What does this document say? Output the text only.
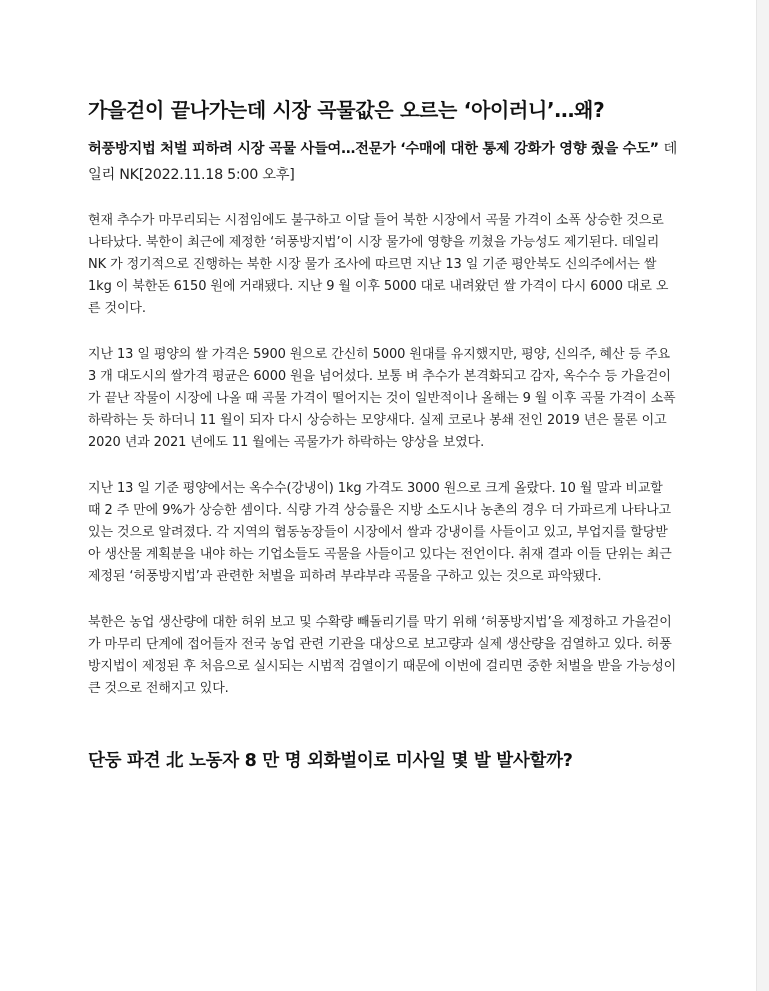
가을걷이 끝나가는데 시장 곡물값은 오르는 ‘아이러니’…왜?

허풍방지법 처벌 피하려 시장 곡물 사들여…전문가 ‘수매에 대한 통제 강화가 영향 줬을 수도” 데일리 NK[2022.11.18 5:00 오후]

현재 추수가 마무리되는 시점임에도 불구하고 이달 들어 북한 시장에서 곡물 가격이 소폭 상승한 것으로 나타났다. 북한이 최근에 제정한 ‘허풍방지법’이 시장 물가에 영향을 끼쳤을 가능성도 제기된다. 데일리 NK 가 정기적으로 진행하는 북한 시장 물가 조사에 따르면 지난 13 일 기준 평안북도 신의주에서는 쌀 1kg 이 북한돈 6150 원에 거래됐다. 지난 9 월 이후 5000 대로 내려왔던 쌀 가격이 다시 6000 대로 오른 것이다.

지난 13 일 평양의 쌀 가격은 5900 원으로 간신히 5000 원대를 유지했지만, 평양, 신의주, 혜산 등 주요 3 개 대도시의 쌀가격 평균은 6000 원을 넘어섰다. 보통 벼 추수가 본격화되고 감자, 옥수수 등 가을걷이가 끝난 작물이 시장에 나올 때 곡물 가격이 떨어지는 것이 일반적이나 올해는 9 월 이후 곡물 가격이 소폭 하락하는 듯 하더니 11 월이 되자 다시 상승하는 모양새다. 실제 코로나 봉쇄 전인 2019 년은 물론 이고 2020 년과 2021 년에도 11 월에는 곡물가가 하락하는 양상을 보였다.

지난 13 일 기준 평양에서는 옥수수(강냉이) 1kg 가격도 3000 원으로 크게 올랐다. 10 월 말과 비교할 때 2 주 만에 9%가 상승한 셈이다. 식량 가격 상승률은 지방 소도시나 농촌의 경우 더 가파르게 나타나고 있는 것으로 알려졌다. 각 지역의 협동농장들이 시장에서 쌀과 강냉이를 사들이고 있고, 부업지를 할당받아 생산물 계획분을 내야 하는 기업소들도 곡물을 사들이고 있다는 전언이다. 취재 결과 이들 단위는 최근 제정된 ‘허풍방지법’과 관련한 처벌을 피하려 부랴부랴 곡물을 구하고 있는 것으로 파악됐다.

북한은 농업 생산량에 대한 허위 보고 및 수확량 빼돌리기를 막기 위해 ‘허풍방지법’을 제정하고 가을걷이가 마무리 단계에 접어들자 전국 농업 관련 기관을 대상으로 보고량과 실제 생산량을 검열하고 있다. 허풍방지법이 제정된 후 처음으로 실시되는 시범적 검열이기 때문에 이번에 걸리면 중한 처벌을 받을 가능성이 큰 것으로 전해지고 있다.

단둥 파견 北 노동자 8 만 명 외화벌이로 미사일 몇 발 발사할까?
